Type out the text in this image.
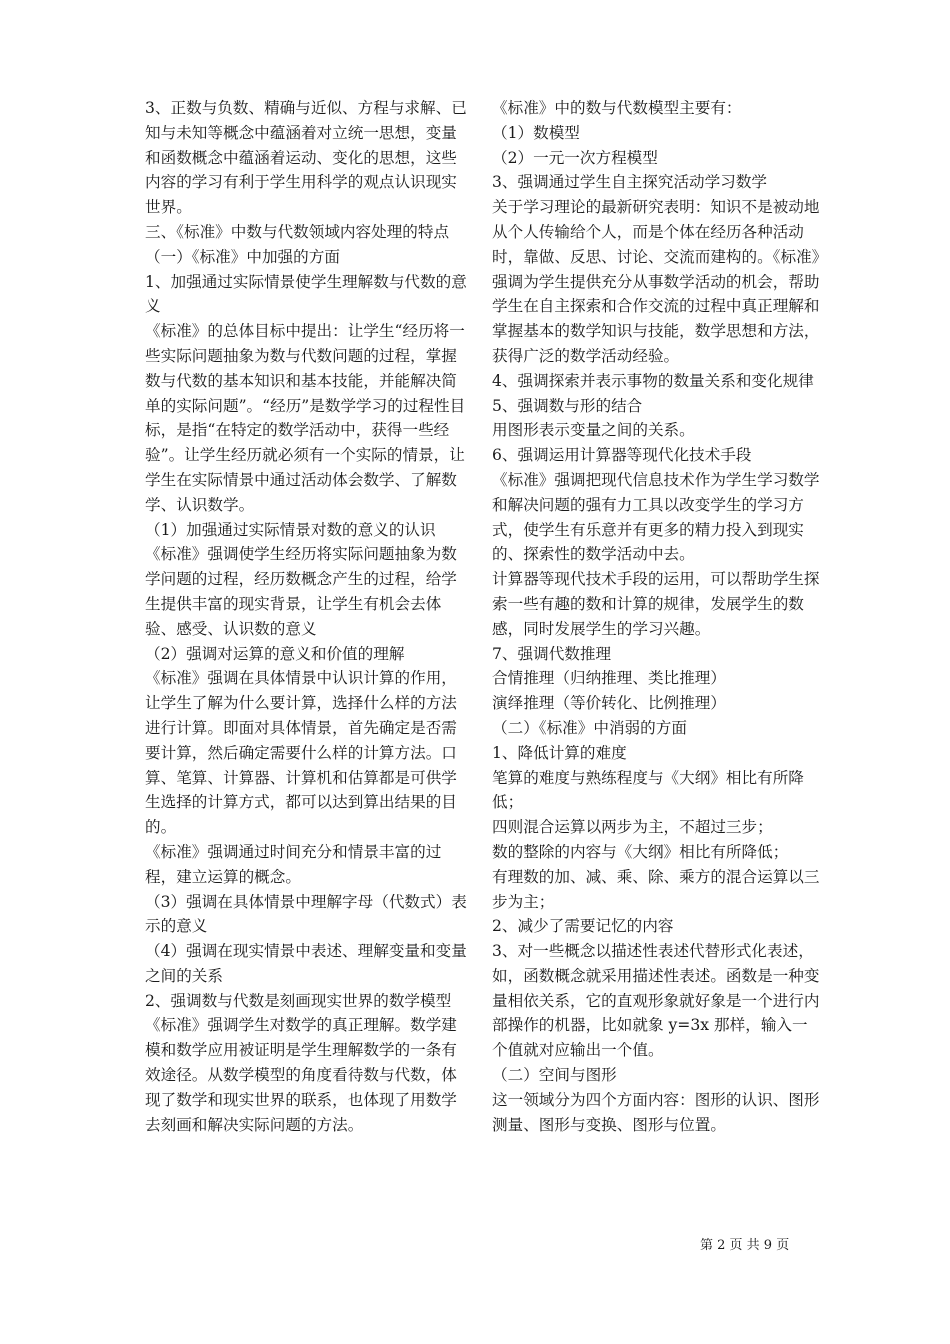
3、正数与负数、精确与近似、方程与求解、已知与未知等概念中蕴涵着对立统一思想，变量和函数概念中蕴涵着运动、变化的思想，这些内容的学习有利于学生用科学的观点认识现实世界。

三、《标准》中数与代数领域内容处理的特点

（一）《标准》中加强的方面

1、加强通过实际情景使学生理解数与代数的意义

《标准》的总体目标中提出：让学生“经历将一些实际问题抽象为数与代数问题的过程，掌握数与代数的基本知识和基本技能，并能解决简单的实际问题”。“经历”是数学学习的过程性目标，是指“在特定的数学活动中，获得一些经验”。让学生经历就必须有一个实际的情景，让学生在实际情景中通过活动体会数学、了解数学、认识数学。

（1）加强通过实际情景对数的意义的认识

《标准》强调使学生经历将实际问题抽象为数学问题的过程，经历数概念产生的过程，给学生提供丰富的现实背景，让学生有机会去体验、感受、认识数的意义

（2）强调对运算的意义和价值的理解

《标准》强调在具体情景中认识计算的作用，让学生了解为什么要计算，选择什么样的方法进行计算。即面对具体情景，首先确定是否需要计算，然后确定需要什么样的计算方法。口算、笔算、计算器、计算机和估算都是可供学生选择的计算方式，都可以达到算出结果的目的。

《标准》强调通过时间充分和情景丰富的过程，建立运算的概念。

（3）强调在具体情景中理解字母（代数式）表示的意义

（4）强调在现实情景中表述、理解变量和变量之间的关系

2、强调数与代数是刻画现实世界的数学模型

《标准》强调学生对数学的真正理解。数学建模和数学应用被证明是学生理解数学的一条有效途径。从数学模型的角度看待数与代数，体现了数学和现实世界的联系，也体现了用数学去刻画和解决实际问题的方法。

《标准》中的数与代数模型主要有：

（1）数模型

（2）一元一次方程模型

3、强调通过学生自主探究活动学习数学

关于学习理论的最新研究表明：知识不是被动地从个人传输给个人，而是个体在经历各种活动时，靠做、反思、讨论、交流而建构的。《标准》强调为学生提供充分从事数学活动的机会，帮助学生在自主探索和合作交流的过程中真正理解和掌握基本的数学知识与技能，数学思想和方法，获得广泛的数学活动经验。

4、强调探索并表示事物的数量关系和变化规律

5、强调数与形的结合

用图形表示变量之间的关系。

6、强调运用计算器等现代化技术手段

《标准》强调把现代信息技术作为学生学习数学和解决问题的强有力工具以改变学生的学习方式，使学生有乐意并有更多的精力投入到现实的、探索性的数学活动中去。

计算器等现代技术手段的运用，可以帮助学生探索一些有趣的数和计算的规律，发展学生的数感，同时发展学生的学习兴趣。

7、强调代数推理

合情推理（归纳推理、类比推理）

演绎推理（等价转化、比例推理）

（二）《标准》中消弱的方面

1、降低计算的难度

笔算的难度与熟练程度与《大纲》相比有所降低；

四则混合运算以两步为主，不超过三步；

数的整除的内容与《大纲》相比有所降低；

有理数的加、减、乘、除、乘方的混合运算以三步为主；

2、减少了需要记忆的内容

3、对一些概念以描述性表述代替形式化表述，如，函数概念就采用描述性表述。函数是一种变量相依关系，它的直观形象就好象是一个进行内部操作的机器，比如就象 y=3x 那样，输入一个值就对应输出一个值。

（二）空间与图形

这一领域分为四个方面内容：图形的认识、图形测量、图形与变换、图形与位置。

第 2 页 共 9 页
